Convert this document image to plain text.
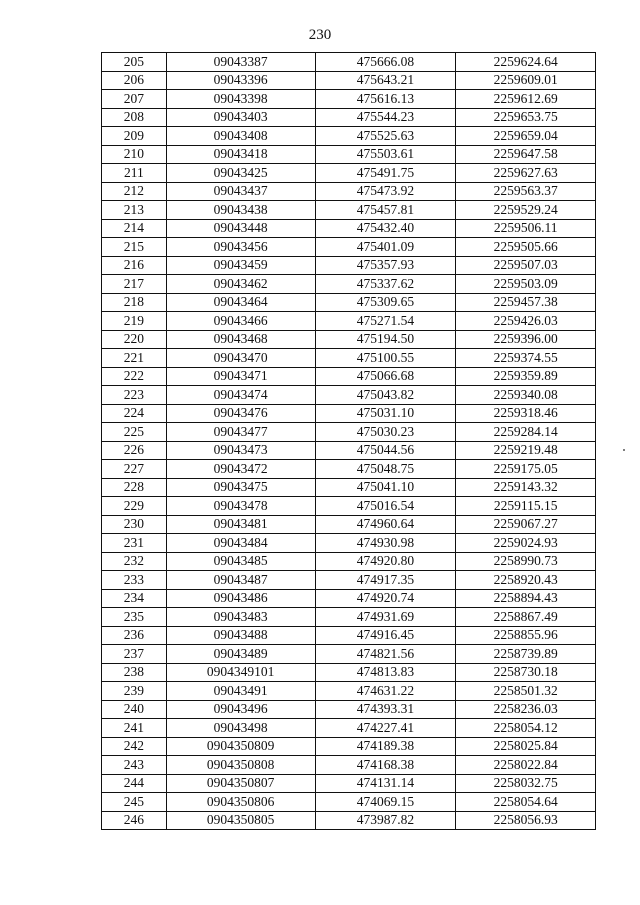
230
205	09043387	475666.08	2259624.64
206	09043396	475643.21	2259609.01
207	09043398	475616.13	2259612.69
208	09043403	475544.23	2259653.75
209	09043408	475525.63	2259659.04
210	09043418	475503.61	2259647.58
211	09043425	475491.75	2259627.63
212	09043437	475473.92	2259563.37
213	09043438	475457.81	2259529.24
214	09043448	475432.40	2259506.11
215	09043456	475401.09	2259505.66
216	09043459	475357.93	2259507.03
217	09043462	475337.62	2259503.09
218	09043464	475309.65	2259457.38
219	09043466	475271.54	2259426.03
220	09043468	475194.50	2259396.00
221	09043470	475100.55	2259374.55
222	09043471	475066.68	2259359.89
223	09043474	475043.82	2259340.08
224	09043476	475031.10	2259318.46
225	09043477	475030.23	2259284.14
226	09043473	475044.56	2259219.48
227	09043472	475048.75	2259175.05
228	09043475	475041.10	2259143.32
229	09043478	475016.54	2259115.15
230	09043481	474960.64	2259067.27
231	09043484	474930.98	2259024.93
232	09043485	474920.80	2258990.73
233	09043487	474917.35	2258920.43
234	09043486	474920.74	2258894.43
235	09043483	474931.69	2258867.49
236	09043488	474916.45	2258855.96
237	09043489	474821.56	2258739.89
238	0904349101	474813.83	2258730.18
239	09043491	474631.22	2258501.32
240	09043496	474393.31	2258236.03
241	09043498	474227.41	2258054.12
242	0904350809	474189.38	2258025.84
243	0904350808	474168.38	2258022.84
244	0904350807	474131.14	2258032.75
245	0904350806	474069.15	2258054.64
246	0904350805	473987.82	2258056.93
